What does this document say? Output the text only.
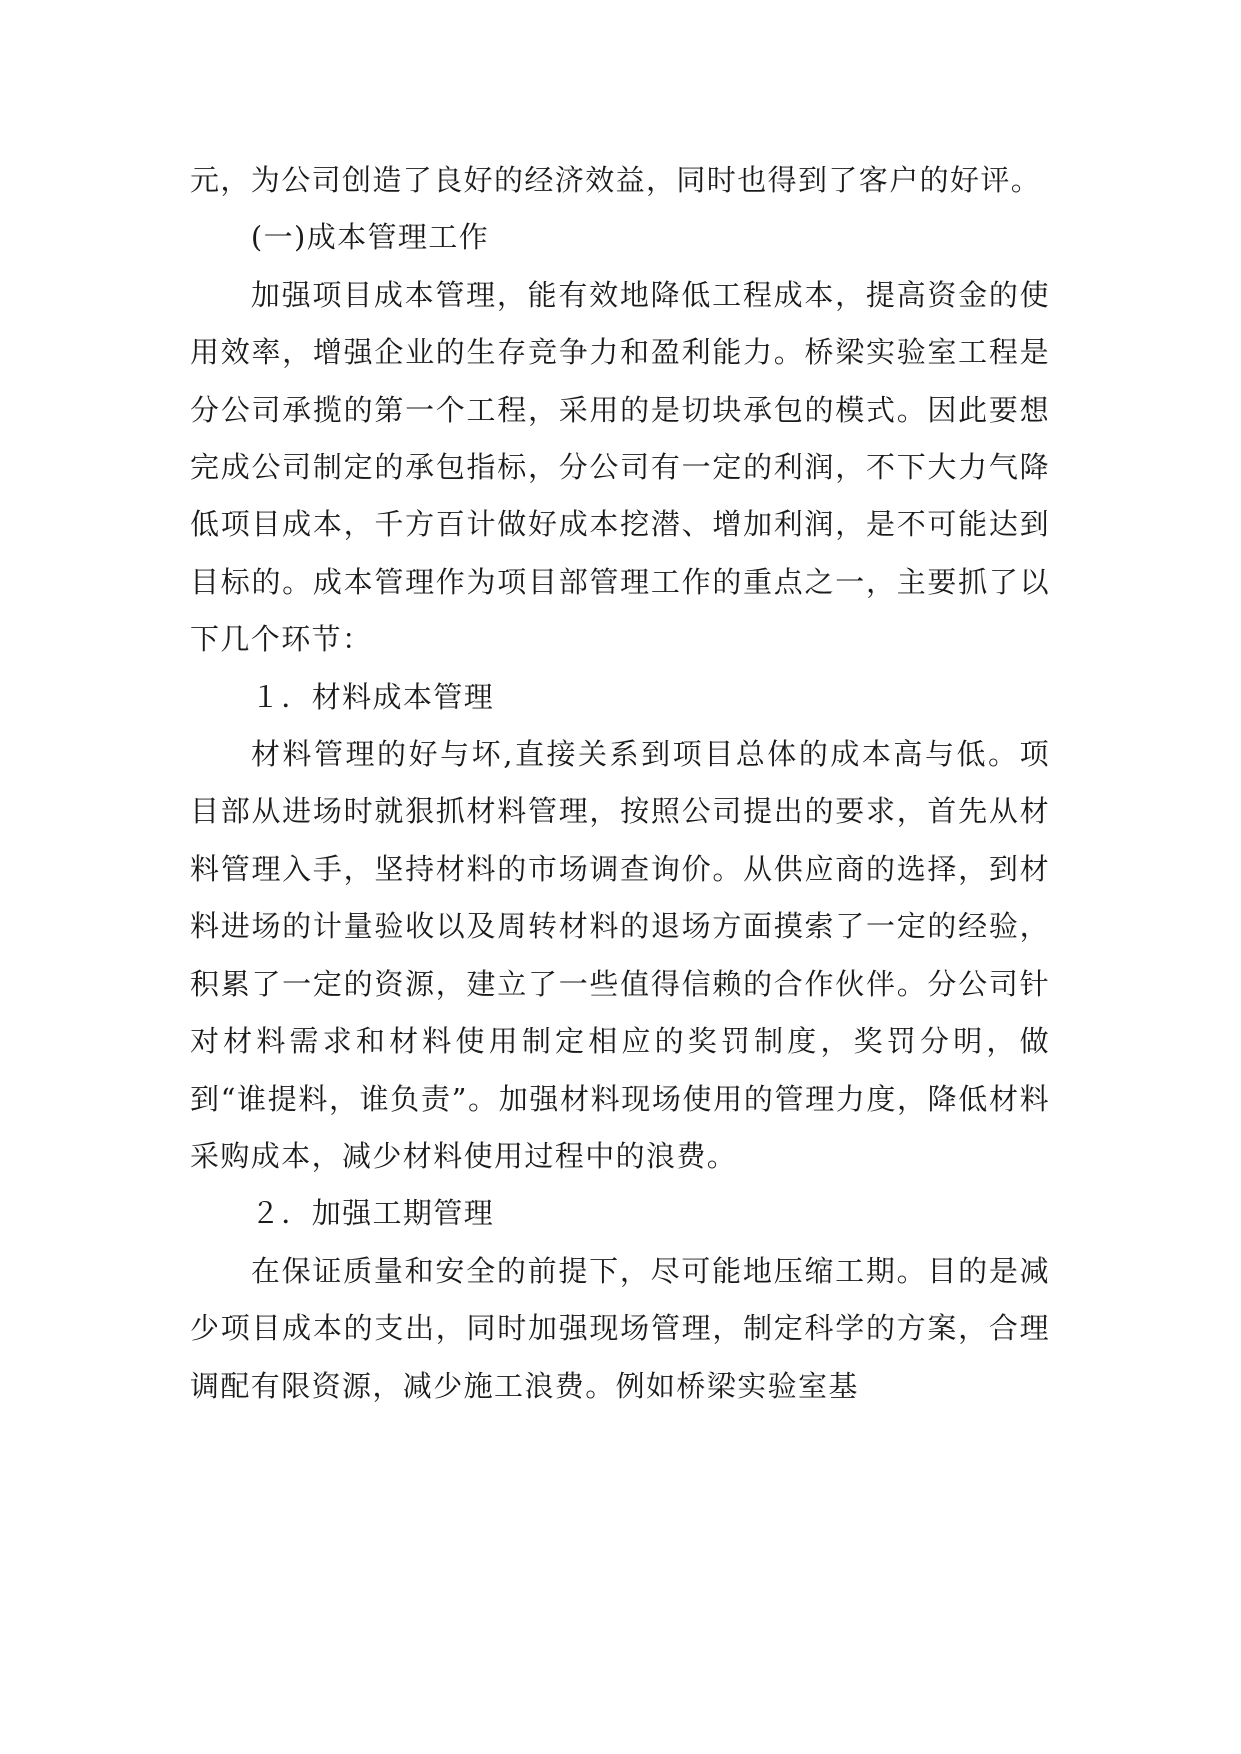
元，为公司创造了良好的经济效益，同时也得到了客户的好评。

(一)成本管理工作

加强项目成本管理，能有效地降低工程成本，提高资金的使用效率，增强企业的生存竞争力和盈利能力。桥梁实验室工程是分公司承揽的第一个工程，采用的是切块承包的模式。因此要想完成公司制定的承包指标，分公司有一定的利润，不下大力气降低项目成本，千方百计做好成本挖潜、增加利润，是不可能达到目标的。成本管理作为项目部管理工作的重点之一，主要抓了以下几个环节：

１．材料成本管理

材料管理的好与坏,直接关系到项目总体的成本高与低。项目部从进场时就狠抓材料管理，按照公司提出的要求，首先从材料管理入手，坚持材料的市场调查询价。从供应商的选择，到材料进场的计量验收以及周转材料的退场方面摸索了一定的经验，积累了一定的资源，建立了一些值得信赖的合作伙伴。分公司针对材料需求和材料使用制定相应的奖罚制度，奖罚分明，做到“谁提料，谁负责”。加强材料现场使用的管理力度，降低材料采购成本，减少材料使用过程中的浪费。

２．加强工期管理

在保证质量和安全的前提下，尽可能地压缩工期。目的是减少项目成本的支出，同时加强现场管理，制定科学的方案，合理调配有限资源，减少施工浪费。例如桥梁实验室基
